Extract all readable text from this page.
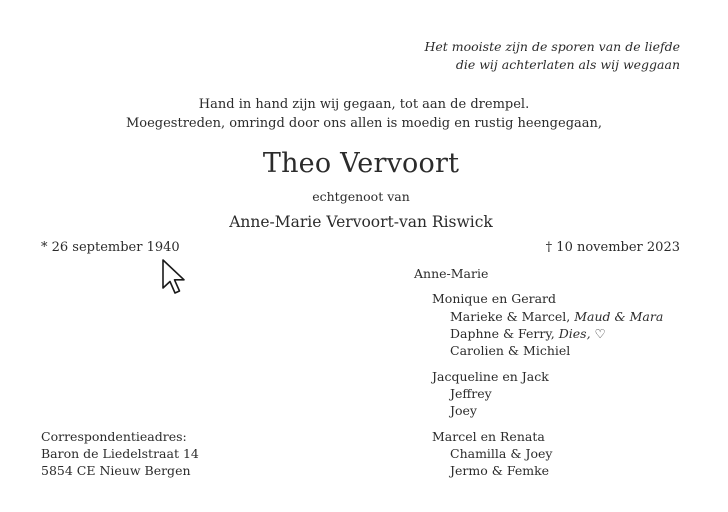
Het mooiste zijn de sporen van de liefde
die wij achterlaten als wij weggaan
Hand in hand zijn wij gegaan, tot aan de drempel.
Moegestreden, omringd door ons allen is moedig en rustig heengegaan,
Theo Vervoort
echtgenoot van
Anne-Marie Vervoort-van Riswick
* 26 september 1940	† 10 november 2023
Anne-Marie
Monique en Gerard
Marieke & Marcel, Maud & Mara
Daphne & Ferry, Dies, ♡
Carolien & Michiel
Jacqueline en Jack
Jeffrey
Joey
Marcel en Renata
Chamilla & Joey
Jermo & Femke
Correspondentieadres:
Baron de Liedelstraat 14
5854 CE Nieuw Bergen
